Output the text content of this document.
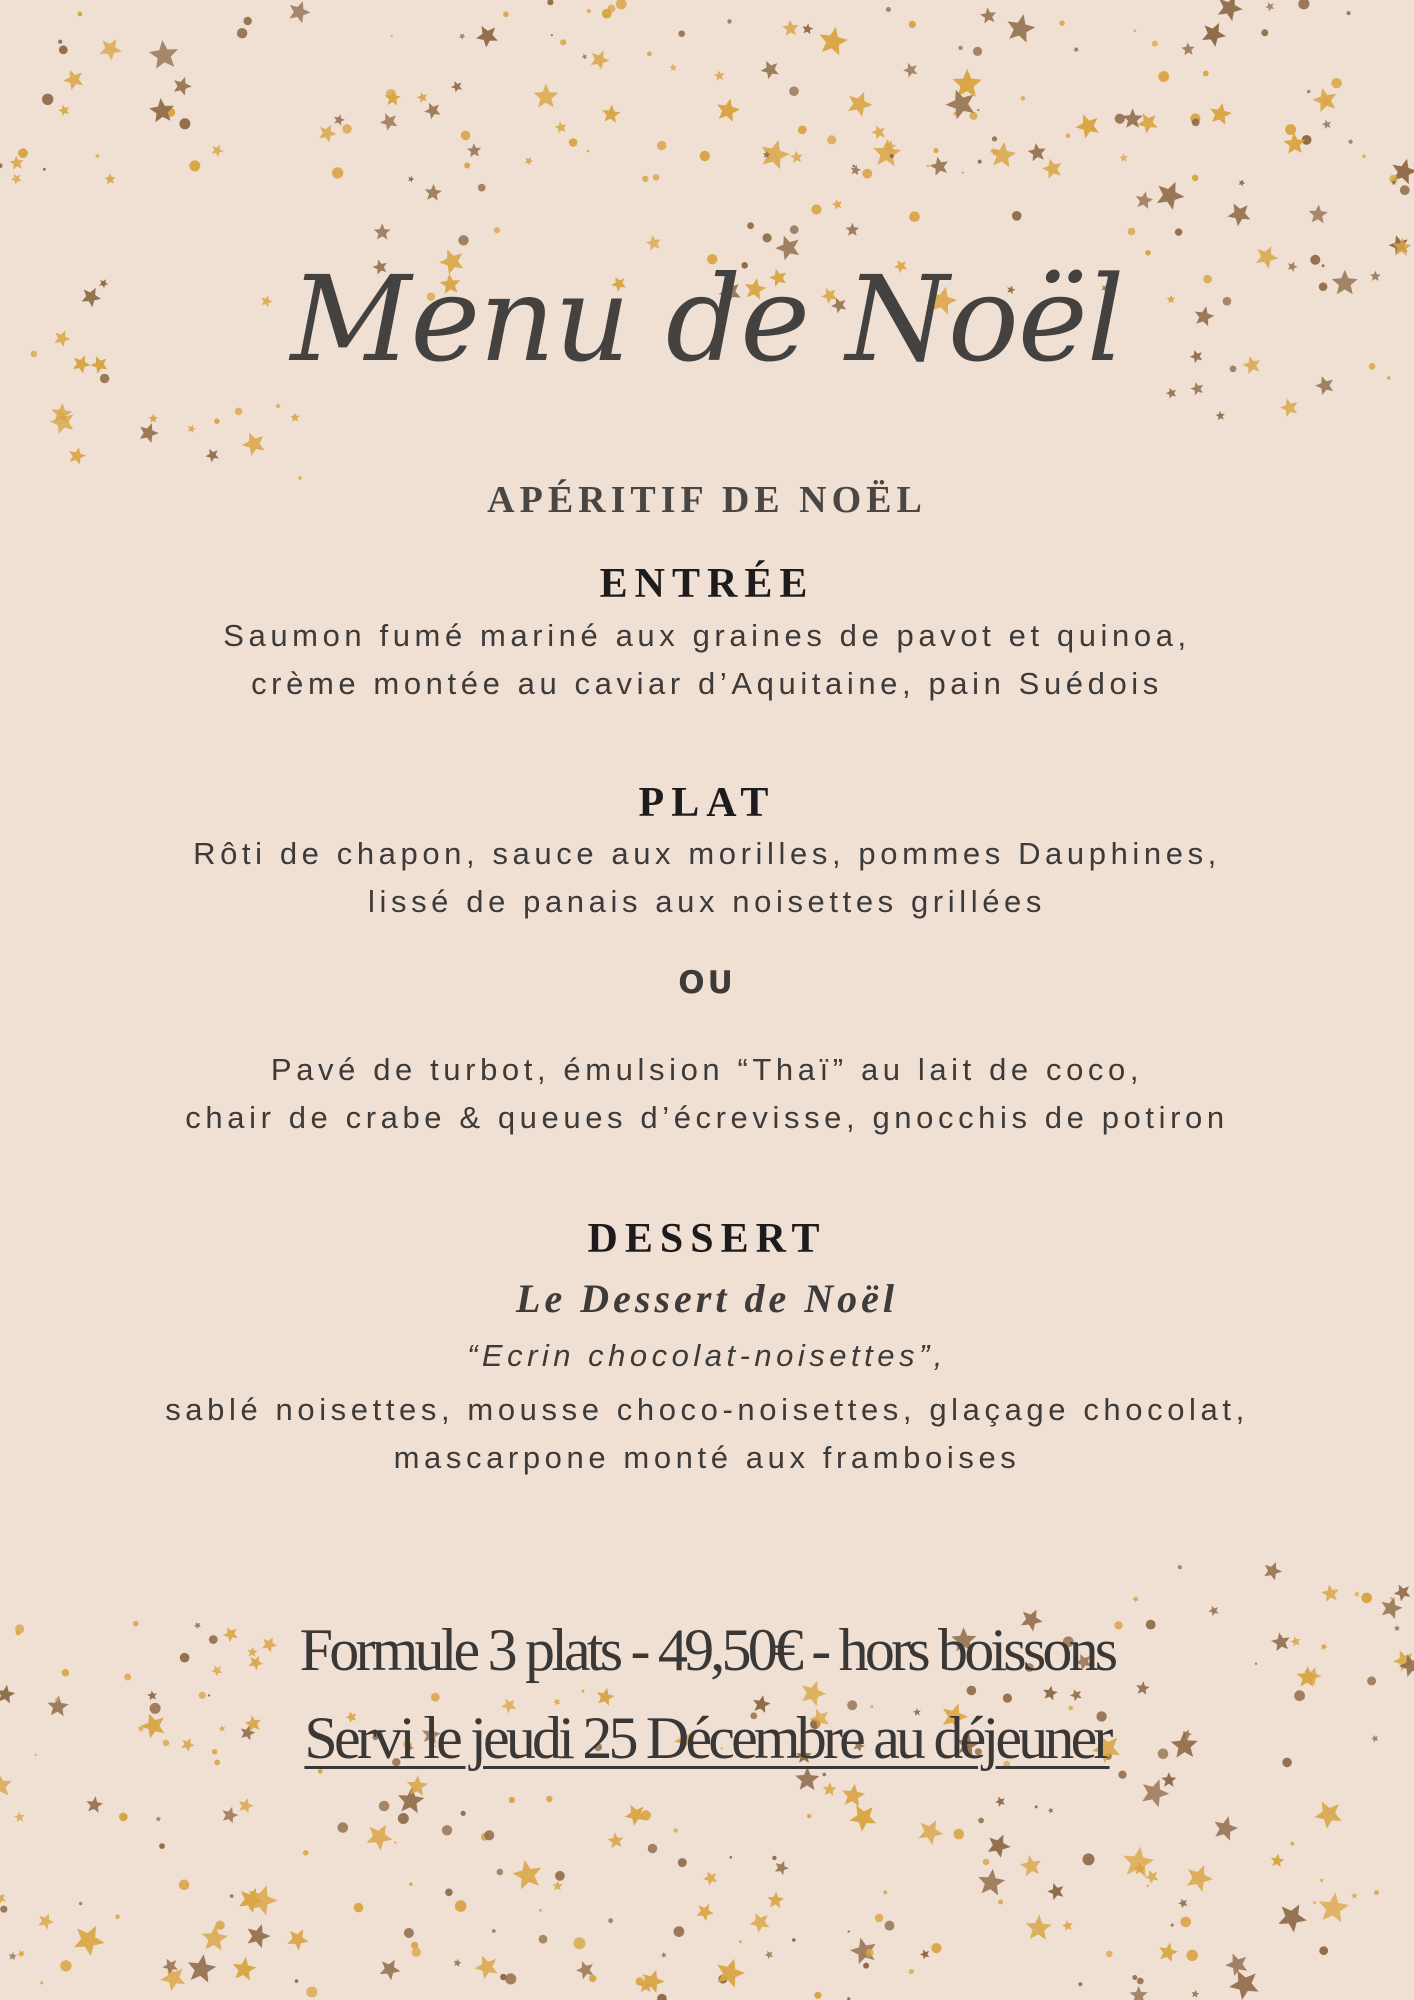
Menu de Noël
APÉRITIF DE NOËL
ENTRÉE
Saumon fumé mariné aux graines de pavot et quinoa,
crème montée au caviar d’Aquitaine, pain Suédois
PLAT
Rôti de chapon, sauce aux morilles, pommes Dauphines,
lissé de panais aux noisettes grillées
OU
Pavé de turbot, émulsion “Thaï” au lait de coco,
chair de crabe & queues d’écrevisse, gnocchis de potiron
DESSERT
Le Dessert de Noël
“Ecrin chocolat-noisettes”,
sablé noisettes, mousse choco-noisettes, glaçage chocolat,
mascarpone monté aux framboises
Formule 3 plats - 49,50€ - hors boissons
Servi le jeudi 25 Décembre au déjeuner
